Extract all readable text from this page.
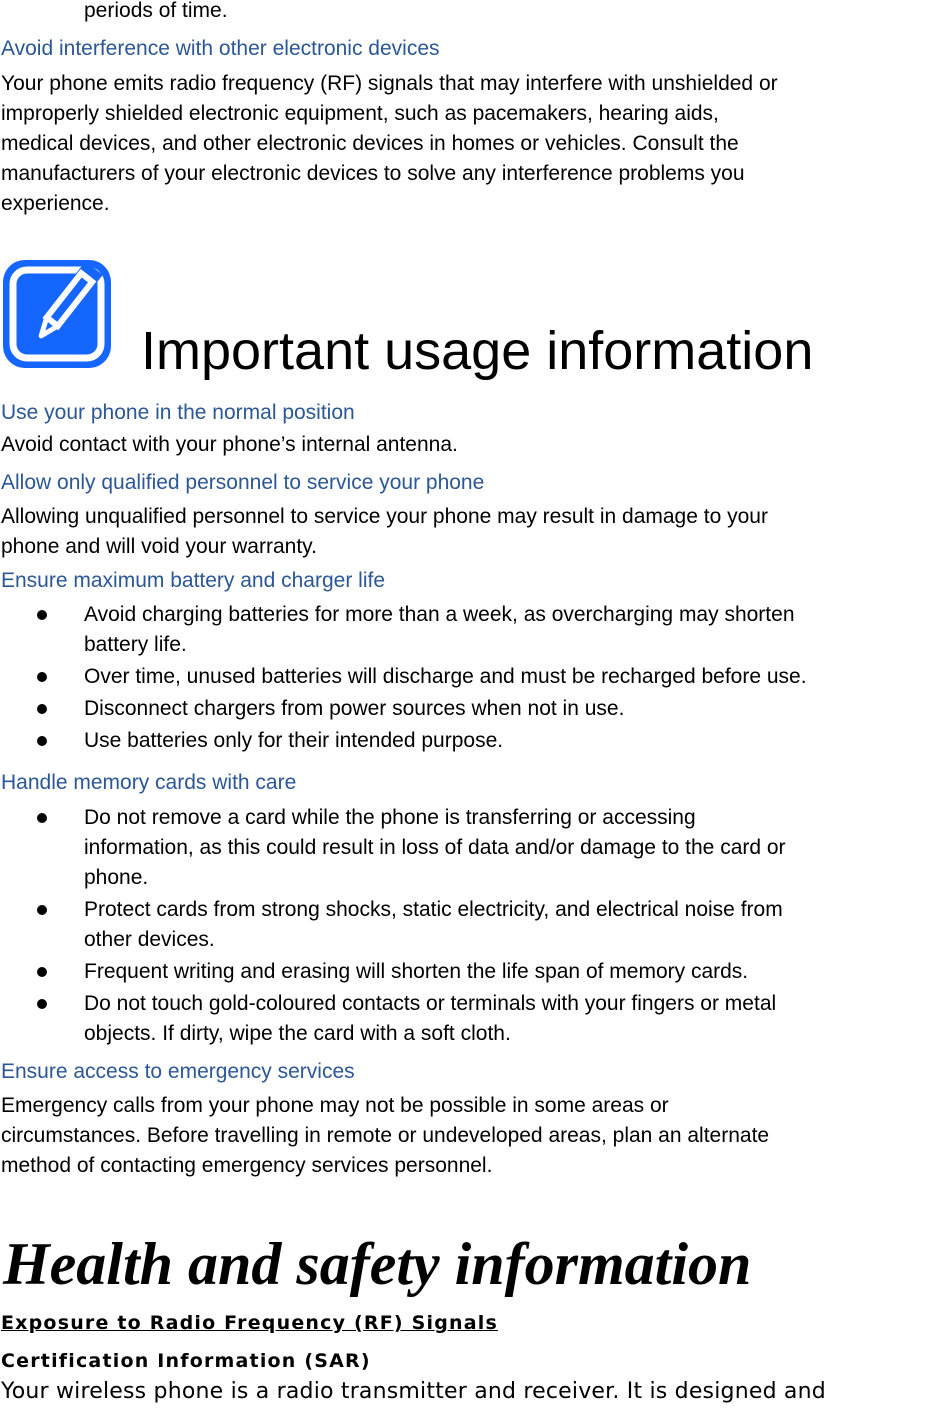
periods of time.
Avoid interference with other electronic devices
Your phone emits radio frequency (RF) signals that may interfere with unshielded or
improperly shielded electronic equipment, such as pacemakers, hearing aids,
medical devices, and other electronic devices in homes or vehicles. Consult the
manufacturers of your electronic devices to solve any interference problems you
experience.
Important usage information
Use your phone in the normal position
Avoid contact with your phone’s internal antenna.
Allow only qualified personnel to service your phone
Allowing unqualified personnel to service your phone may result in damage to your
phone and will void your warranty.
Ensure maximum battery and charger life
Avoid charging batteries for more than a week, as overcharging may shorten
battery life.
Over time, unused batteries will discharge and must be recharged before use.
Disconnect chargers from power sources when not in use.
Use batteries only for their intended purpose.
Handle memory cards with care
Do not remove a card while the phone is transferring or accessing
information, as this could result in loss of data and/or damage to the card or
phone.
Protect cards from strong shocks, static electricity, and electrical noise from
other devices.
Frequent writing and erasing will shorten the life span of memory cards.
Do not touch gold-coloured contacts or terminals with your fingers or metal
objects. If dirty, wipe the card with a soft cloth.
Ensure access to emergency services
Emergency calls from your phone may not be possible in some areas or
circumstances. Before travelling in remote or undeveloped areas, plan an alternate
method of contacting emergency services personnel.
Health and safety information
Exposure to Radio Frequency (RF) Signals
Certification Information (SAR)
Your wireless phone is a radio transmitter and receiver. It is designed and
